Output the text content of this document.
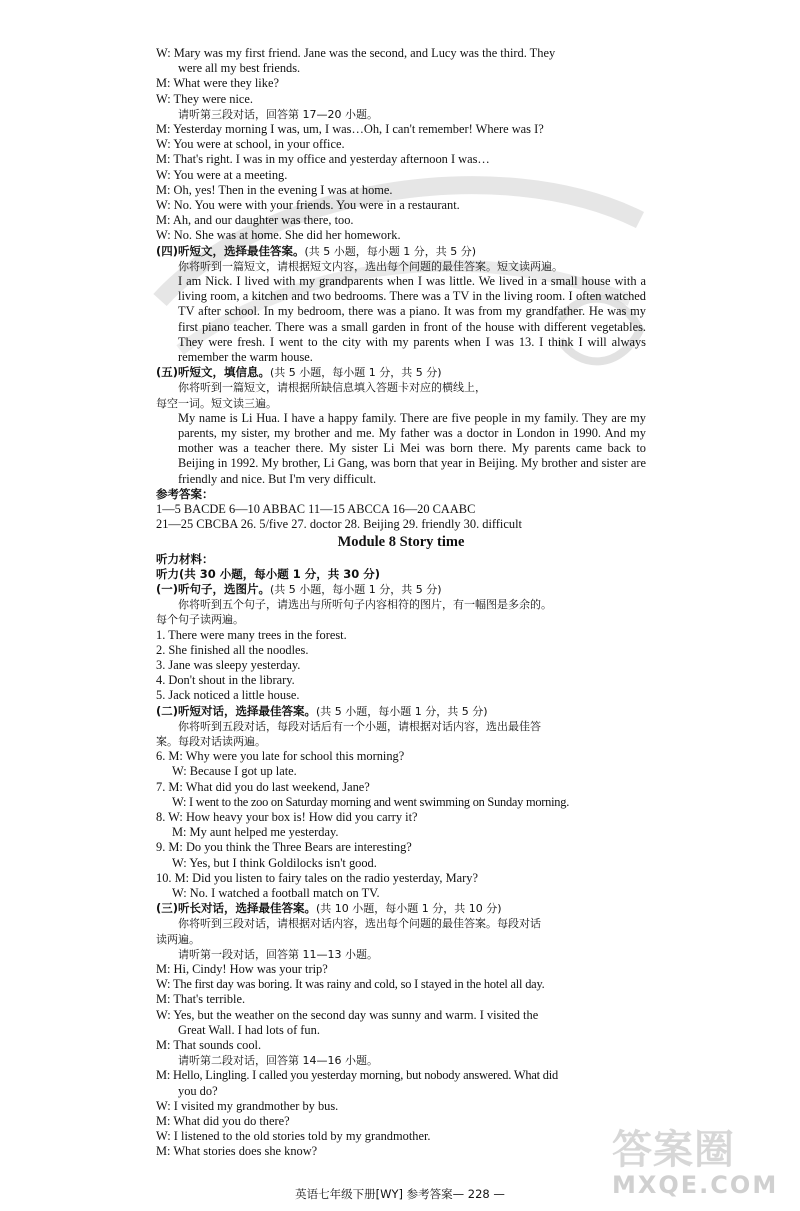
W: Mary was my first friend. Jane was the second, and Lucy was the third. They
were all my best friends.
M: What were they like?
W: They were nice.
请听第三段对话，回答第 17—20 小题。
M: Yesterday morning I was, um, I was…Oh, I can't remember! Where was I?
W: You were at school, in your office.
M: That's right. I was in my office and yesterday afternoon I was…
W: You were at a meeting.
M: Oh, yes! Then in the evening I was at home.
W: No. You were with your friends. You were in a restaurant.
M: Ah, and our daughter was there, too.
W: No. She was at home. She did her homework.
(四)听短文，选择最佳答案。(共 5 小题，每小题 1 分，共 5 分)
你将听到一篇短文，请根据短文内容，选出每个问题的最佳答案。短文读两遍。
I am Nick. I lived with my grandparents when I was little. We lived in a small house with a living room, a kitchen and two bedrooms. There was a TV in the living room. I often watched TV after school. In my bedroom, there was a piano. It was from my grandfather. He was my first piano teacher. There was a small garden in front of the house with different vegetables. They were fresh. I went to the city with my parents when I was 13. I think I will always remember the warm house.
(五)听短文，填信息。(共 5 小题，每小题 1 分，共 5 分)
你将听到一篇短文，请根据所缺信息填入答题卡对应的横线上，
每空一词。短文读三遍。
My name is Li Hua. I have a happy family. There are five people in my family. They are my parents, my sister, my brother and me. My father was a doctor in London in 1990. And my mother was a teacher there. My sister Li Mei was born there. My parents came back to Beijing in 1992. My brother, Li Gang, was born that year in Beijing. My brother and sister are friendly and nice. But I'm very difficult.
参考答案：
1—5 BACDE 6—10 ABBAC 11—15 ABCCA 16—20 CAABC
21—25 CBCBA 26. 5/five 27. doctor 28. Beijing 29. friendly 30. difficult
Module 8 Story time
听力材料：
听力(共 30 小题，每小题 1 分，共 30 分)
(一)听句子，选图片。(共 5 小题，每小题 1 分，共 5 分)
你将听到五个句子，请选出与所听句子内容相符的图片，有一幅图是多余的。
每个句子读两遍。
1. There were many trees in the forest.
2. She finished all the noodles.
3. Jane was sleepy yesterday.
4. Don't shout in the library.
5. Jack noticed a little house.
(二)听短对话，选择最佳答案。(共 5 小题，每小题 1 分，共 5 分)
你将听到五段对话，每段对话后有一个小题，请根据对话内容，选出最佳答
案。每段对话读两遍。
6. M: Why were you late for school this morning?
W: Because I got up late.
7. M: What did you do last weekend, Jane?
W: I went to the zoo on Saturday morning and went swimming on Sunday morning.
8. W: How heavy your box is! How did you carry it?
M: My aunt helped me yesterday.
9. M: Do you think the Three Bears are interesting?
W: Yes, but I think Goldilocks isn't good.
10. M: Did you listen to fairy tales on the radio yesterday, Mary?
W: No. I watched a football match on TV.
(三)听长对话，选择最佳答案。(共 10 小题，每小题 1 分，共 10 分)
你将听到三段对话，请根据对话内容，选出每个问题的最佳答案。每段对话
读两遍。
请听第一段对话，回答第 11—13 小题。
M: Hi, Cindy! How was your trip?
W: The first day was boring. It was rainy and cold, so I stayed in the hotel all day.
M: That's terrible.
W: Yes, but the weather on the second day was sunny and warm. I visited the
Great Wall. I had lots of fun.
M: That sounds cool.
请听第二段对话，回答第 14—16 小题。
M: Hello, Lingling. I called you yesterday morning, but nobody answered. What did
you do?
W: I visited my grandmother by bus.
M: What did you do there?
W: I listened to the old stories told by my grandmother.
M: What stories does she know?	答案圈
MXQE.COM
英语七年级下册[WY] 参考答案— 228 —
